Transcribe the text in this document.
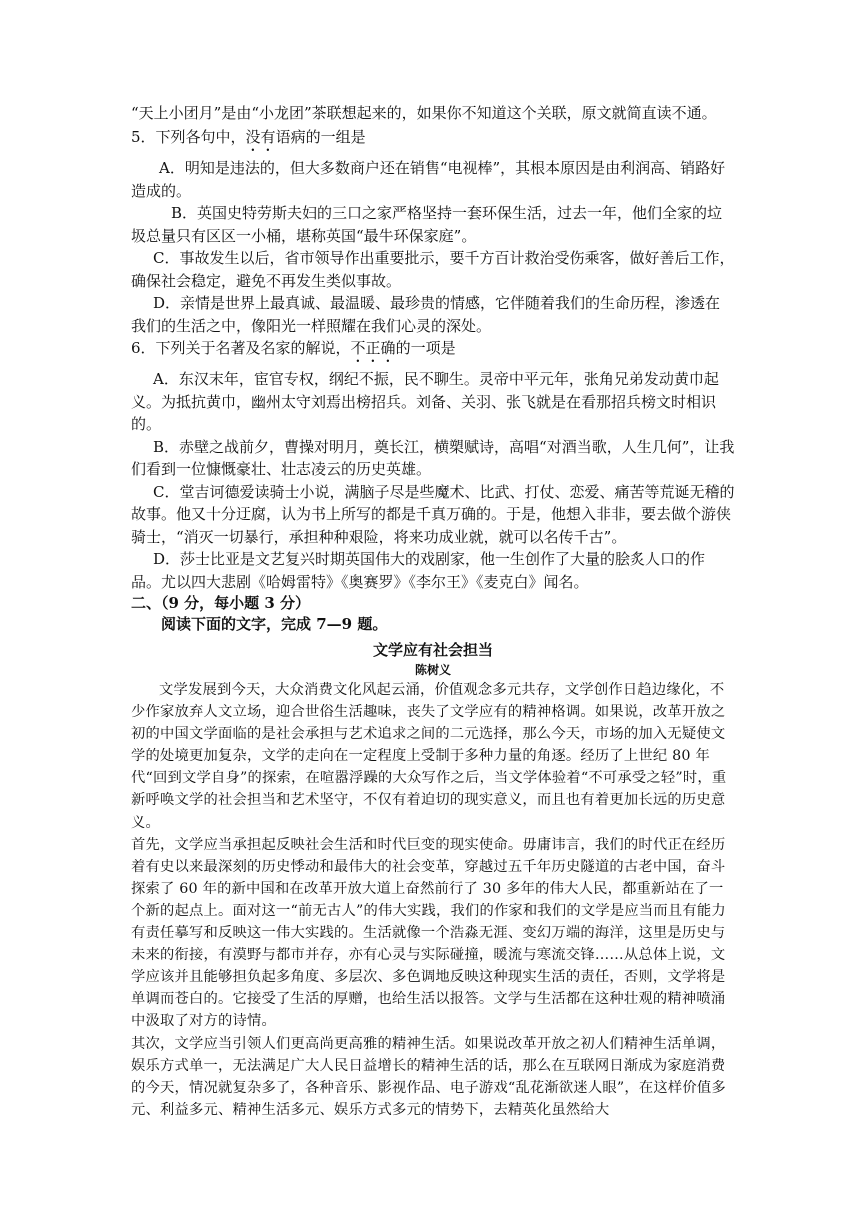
“天上小团月”是由“小龙团”茶联想起来的，如果你不知道这个关联，原文就简直读不通。

5．下列各句中，没有语病的一组是

A．明知是违法的，但大多数商户还在销售“电视棒”，其根本原因是由利润高、销路好造成的。

B．英国史特劳斯夫妇的三口之家严格坚持一套环保生活，过去一年，他们全家的垃圾总量只有区区一小桶，堪称英国“最牛环保家庭”。

C．事故发生以后，省市领导作出重要批示，要千方百计救治受伤乘客，做好善后工作，确保社会稳定，避免不再发生类似事故。

D．亲情是世界上最真诚、最温暖、最珍贵的情感，它伴随着我们的生命历程，渗透在我们的生活之中，像阳光一样照耀在我们心灵的深处。

6．下列关于名著及名家的解说，不正确的一项是

A．东汉末年，宦官专权，纲纪不振，民不聊生。灵帝中平元年，张角兄弟发动黄巾起义。为抵抗黄巾，幽州太守刘焉出榜招兵。刘备、关羽、张飞就是在看那招兵榜文时相识的。

B．赤壁之战前夕，曹操对明月，奠长江，横槊赋诗，高唱“对酒当歌，人生几何”，让我们看到一位慷慨豪壮、壮志凌云的历史英雄。

C．堂吉诃德爱读骑士小说，满脑子尽是些魔术、比武、打仗、恋爱、痛苦等荒诞无稽的故事。他又十分迂腐，认为书上所写的都是千真万确的。于是，他想入非非，要去做个游侠骑士，“消灭一切暴行，承担种种艰险，将来功成业就，就可以名传千古”。

D．莎士比亚是文艺复兴时期英国伟大的戏剧家，他一生创作了大量的脍炙人口的作品。尤以四大悲剧《哈姆雷特》《奥赛罗》《李尔王》《麦克白》闻名。

二、（9 分，每小题 3 分）

阅读下面的文字，完成 7—9 题。

文学应有社会担当

陈树义

文学发展到今天，大众消费文化风起云涌，价值观念多元共存，文学创作日趋边缘化，不少作家放弃人文立场，迎合世俗生活趣味，丧失了文学应有的精神格调。如果说，改革开放之初的中国文学面临的是社会承担与艺术追求之间的二元选择，那么今天，市场的加入无疑使文学的处境更加复杂，文学的走向在一定程度上受制于多种力量的角逐。经历了上世纪 80 年代“回到文学自身”的探索，在喧嚣浮躁的大众写作之后，当文学体验着“不可承受之轻”时，重新呼唤文学的社会担当和艺术坚守，不仅有着迫切的现实意义，而且也有着更加长远的历史意义。

首先，文学应当承担起反映社会生活和时代巨变的现实使命。毋庸讳言，我们的时代正在经历着有史以来最深刻的历史悸动和最伟大的社会变革，穿越过五千年历史隧道的古老中国，奋斗探索了 60 年的新中国和在改革开放大道上奋然前行了 30 多年的伟大人民，都重新站在了一个新的起点上。面对这一“前无古人”的伟大实践，我们的作家和我们的文学是应当而且有能力有责任摹写和反映这一伟大实践的。生活就像一个浩淼无涯、变幻万端的海洋，这里是历史与未来的衔接，有漠野与都市并存，亦有心灵与实际碰撞，暖流与寒流交锋……从总体上说，文学应该并且能够担负起多角度、多层次、多色调地反映这种现实生活的责任，否则，文学将是单调而苍白的。它接受了生活的厚赠，也给生活以报答。文学与生活都在这种壮观的精神喷涌中汲取了对方的诗情。

其次，文学应当引领人们更高尚更高雅的精神生活。如果说改革开放之初人们精神生活单调，娱乐方式单一，无法满足广大人民日益增长的精神生活的话，那么在互联网日渐成为家庭消费的今天，情况就复杂多了，各种音乐、影视作品、电子游戏“乱花渐欲迷人眼”，在这样价值多元、利益多元、精神生活多元、娱乐方式多元的情势下，去精英化虽然给大
